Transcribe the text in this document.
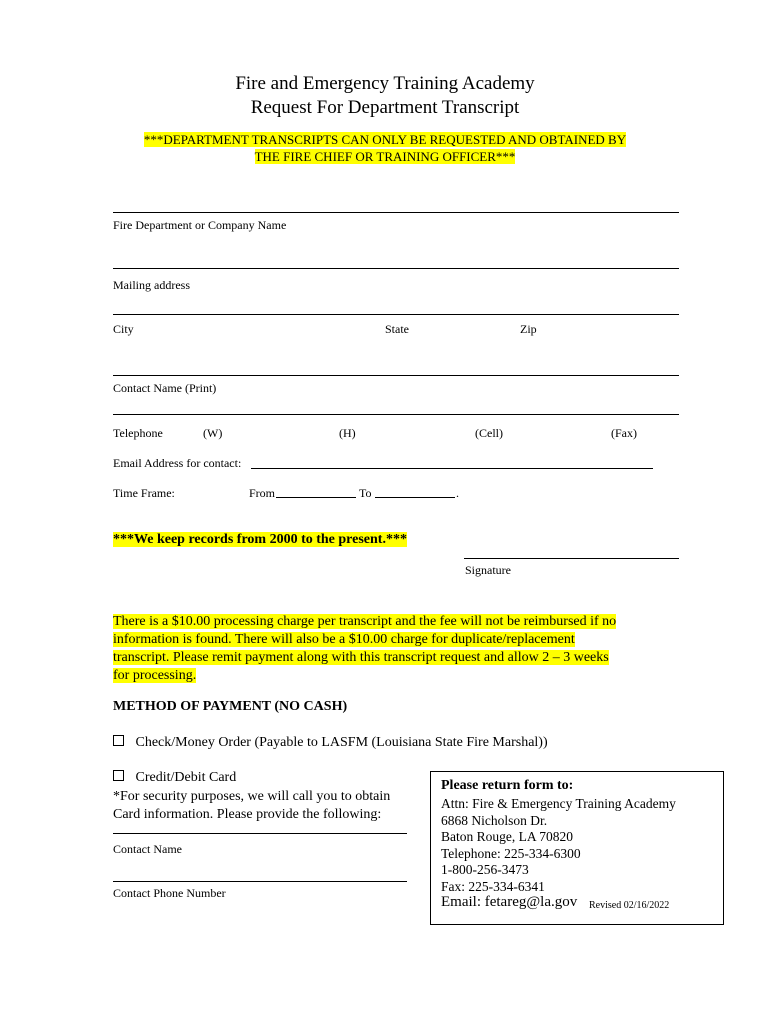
Fire and Emergency Training Academy
Request For Department Transcript
***DEPARTMENT TRANSCRIPTS CAN ONLY BE REQUESTED AND OBTAINED BY
THE FIRE CHIEF OR TRAINING OFFICER***
Fire Department or Company Name
Mailing address
City	State	Zip
Contact Name (Print)
Telephone	(W)	(H)	(Cell)	(Fax)
Email Address for contact:
Time Frame:	From	To	.
***We keep records from 2000 to the present.***
Signature
There is a $10.00 processing charge per transcript and the fee will not be reimbursed if no
information is found. There will also be a $10.00 charge for duplicate/replacement
transcript. Please remit payment along with this transcript request and allow 2 – 3 weeks
for processing.
METHOD OF PAYMENT (NO CASH)
Check/Money Order (Payable to LASFM (Louisiana State Fire Marshal))
Credit/Debit Card
*For security purposes, we will call you to obtain
Card information. Please provide the following:
Contact Name
Contact Phone Number
Please return form to:
Attn: Fire & Emergency Training Academy
6868 Nicholson Dr.
Baton Rouge, LA 70820
Telephone: 225-334-6300
1-800-256-3473
Fax: 225-334-6341
Email: fetareg@la.gov Revised 02/16/2022
